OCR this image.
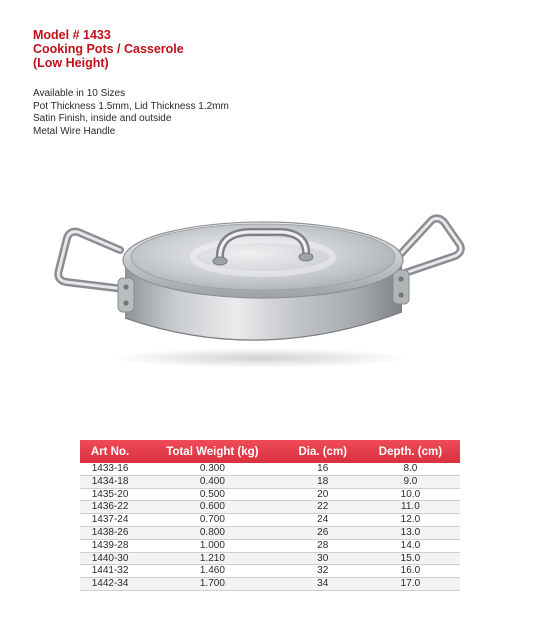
Model # 1433
Cooking Pots / Casserole
(Low Height)
Available in 10 Sizes
Pot Thickness 1.5mm, Lid Thickness 1.2mm
Satin Finish, inside and outside
Metal Wire Handle
Art No.	Total Weight (kg)	Dia. (cm)	Depth. (cm)
1433-16	0.300	16	8.0
1434-18	0.400	18	9.0
1435-20	0.500	20	10.0
1436-22	0.600	22	11.0
1437-24	0.700	24	12.0
1438-26	0.800	26	13.0
1439-28	1.000	28	14.0
1440-30	1.210	30	15.0
1441-32	1.460	32	16.0
1442-34	1.700	34	17.0
